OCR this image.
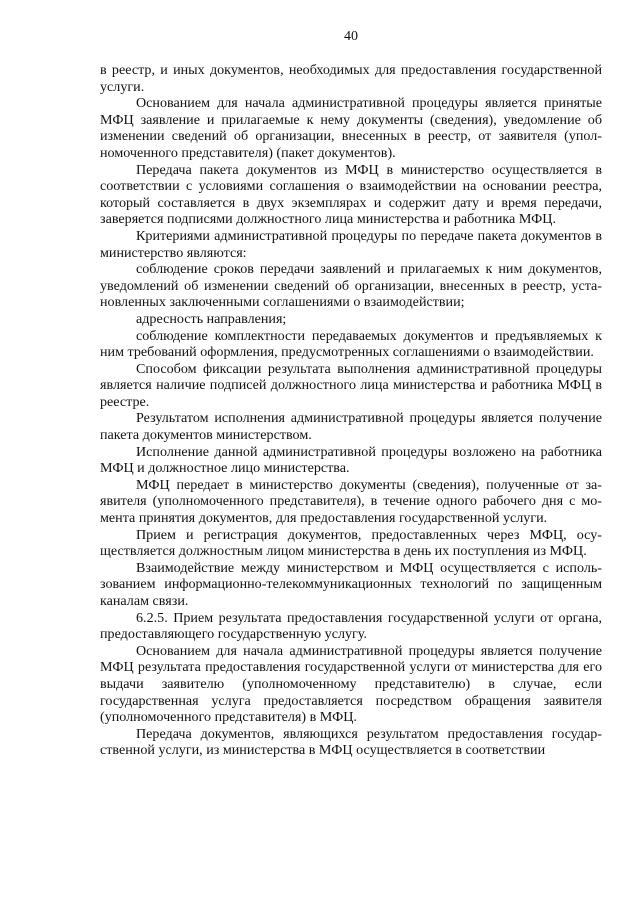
40

в реестр, и иных документов, необходимых для предоставления государственной услуги.

Основанием для начала административной процедуры является принятые МФЦ заявление и прилагаемые к нему документы (сведения), уведомление об изменении сведений об организации, внесенных в реестр, от заявителя (уполномоченного представителя) (пакет документов).

Передача пакета документов из МФЦ в министерство осуществляется в соответствии с условиями соглашения о взаимодействии на основании реестра, который составляется в двух экземплярах и содержит дату и время передачи, заверяется подписями должностного лица министерства и работника МФЦ.

Критериями административной процедуры по передаче пакета документов в министерство являются:

соблюдение сроков передачи заявлений и прилагаемых к ним документов, уведомлений об изменении сведений об организации, внесенных в реестр, установленных заключенными соглашениями о взаимодействии;

адресность направления;

соблюдение комплектности передаваемых документов и предъявляемых к ним требований оформления, предусмотренных соглашениями о взаимодействии.

Способом фиксации результата выполнения административной процедуры является наличие подписей должностного лица министерства и работника МФЦ в реестре.

Результатом исполнения административной процедуры является получение пакета документов министерством.

Исполнение данной административной процедуры возложено на работника МФЦ и должностное лицо министерства.

МФЦ передает в министерство документы (сведения), полученные от заявителя (уполномоченного представителя), в течение одного рабочего дня с момента принятия документов, для предоставления государственной услуги.

Прием и регистрация документов, предоставленных через МФЦ, осуществляется должностным лицом министерства в день их поступления из МФЦ.

Взаимодействие между министерством и МФЦ осуществляется с использованием информационно-телекоммуникационных технологий по защищенным каналам связи.

6.2.5. Прием результата предоставления государственной услуги от органа, предоставляющего государственную услугу.

Основанием для начала административной процедуры является получение МФЦ результата предоставления государственной услуги от министерства для его выдачи заявителю (уполномоченному представителю) в случае, если государственная услуга предоставляется посредством обращения заявителя (уполномоченного представителя) в МФЦ.

Передача документов, являющихся результатом предоставления государственной услуги, из министерства в МФЦ осуществляется в соответствии
